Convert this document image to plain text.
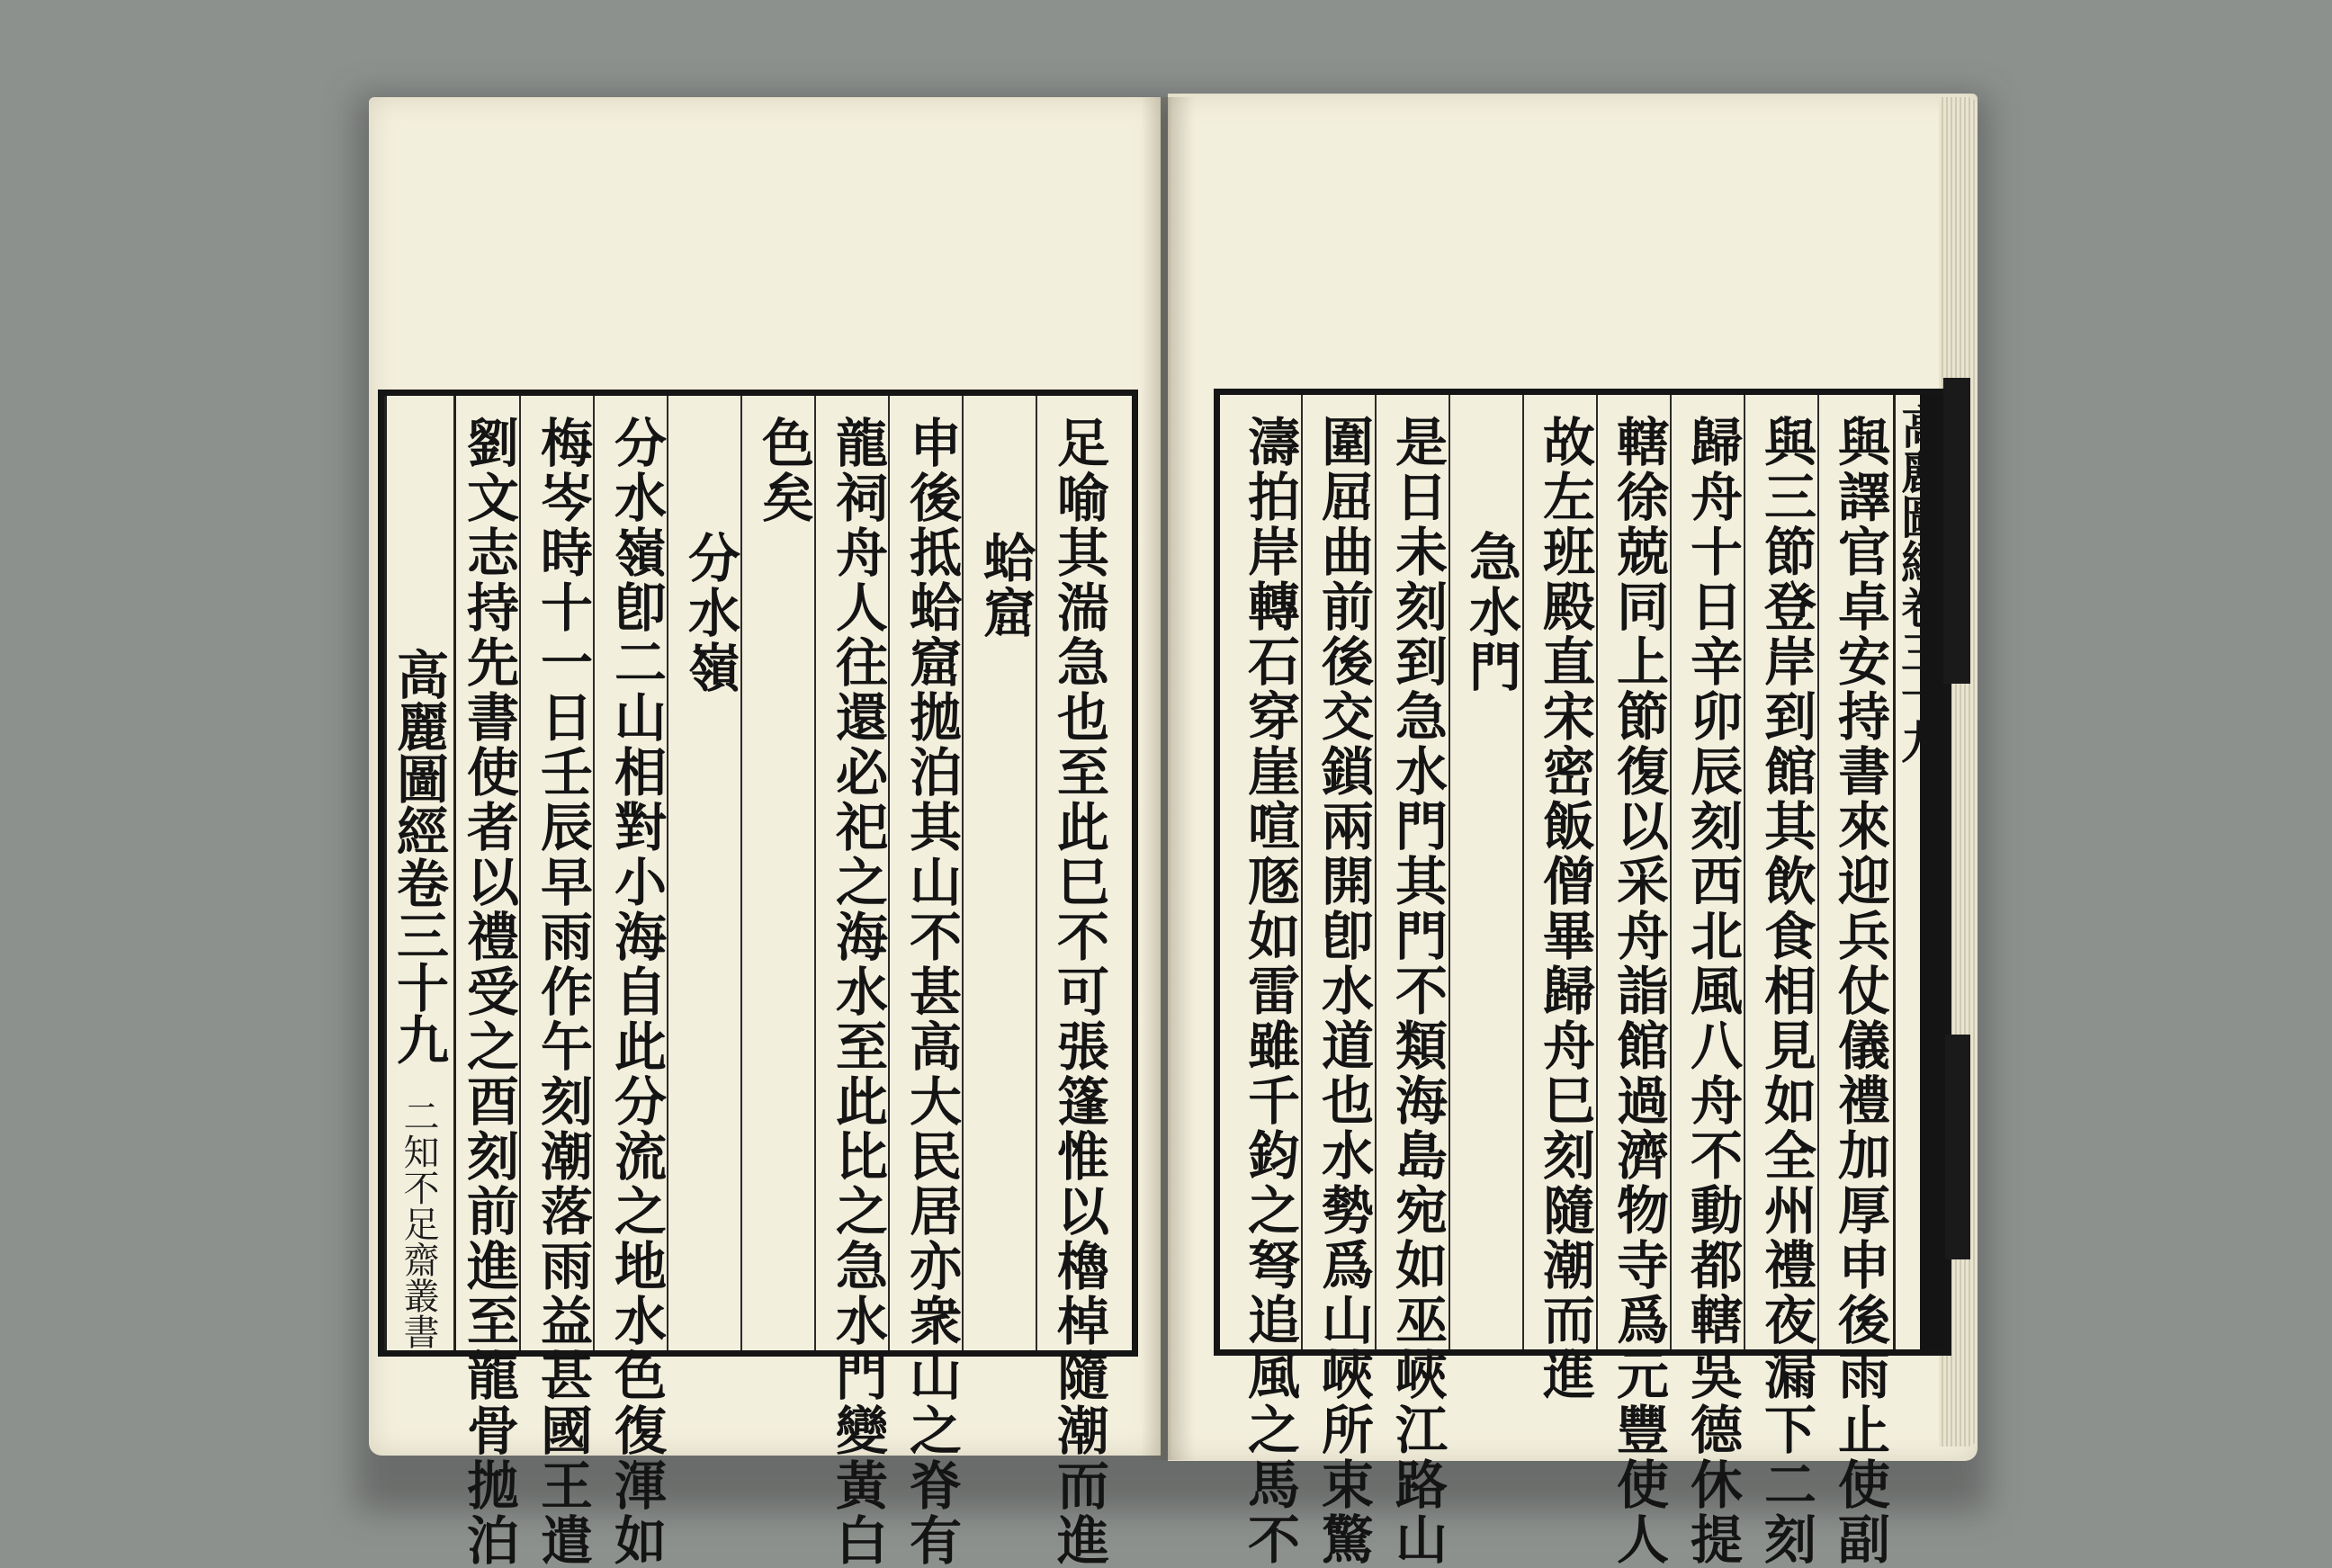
高麗圖經卷三十九
二知不足齋叢書	足喻其湍急也至此巳不可張篷惟以櫓棹隨潮而進
蛤窟
申後抵蛤窟拋泊其山不甚高大民居亦衆山之脊有
龍祠舟人往還必祀之海水至此比之急水門變黃白
色矣
分水嶺
分水嶺卽二山相對小海自此分流之地水色復渾如
梅岑時十一日壬辰早雨作午刻潮落雨益甚國王遣
劉文志持先書使者以禮受之酉刻前進至龍骨拋泊	與譯官卓安持書來迎兵仗儀禮加厚申後雨止使副
與三節登岸到館其飲食相見如全州禮夜漏下二刻
歸舟十日辛卯辰刻西北風八舟不動都轄吳德休提
轄徐兢同上節復以采舟詣館過濟物寺爲元豐使人
故左班殿直宋密飯僧畢歸舟巳刻隨潮而進
急水門
是日未刻到急水門其門不類海島宛如巫峽江路山
圍屈曲前後交鎖兩開卽水道也水勢爲山峽所束驚
濤拍岸轉石穿崖喧豗如雷雖千鈞之弩追風之馬不
